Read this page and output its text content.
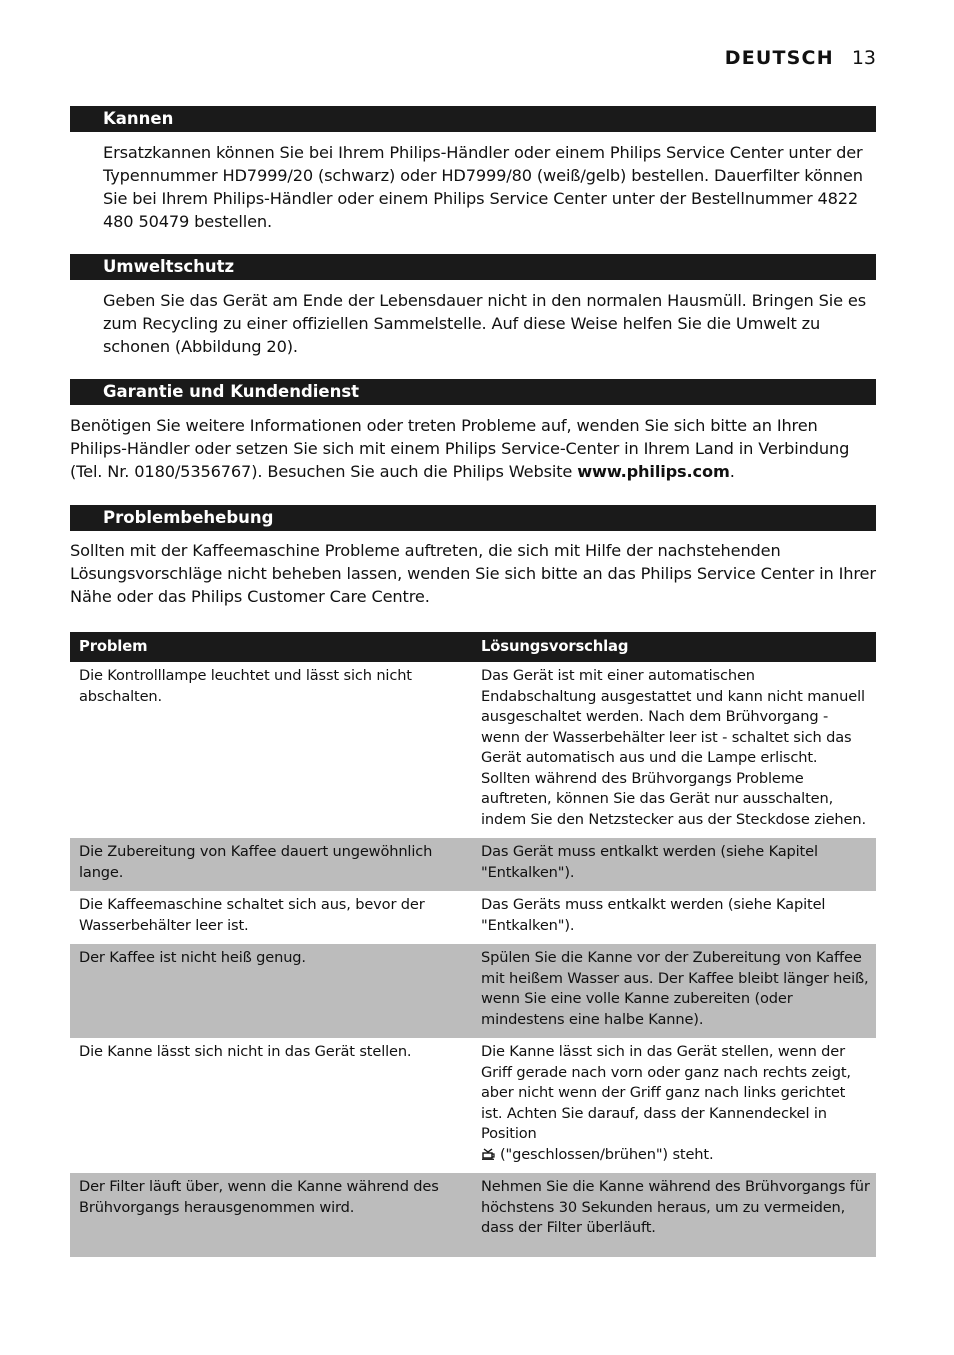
DEUTSCH 13
Kannen

Ersatzkannen können Sie bei Ihrem Philips-Händler oder einem Philips Service Center unter der Typennummer HD7999/20 (schwarz) oder HD7999/80 (weiß/gelb) bestellen. Dauerfilter können Sie bei Ihrem Philips-Händler oder einem Philips Service Center unter der Bestellnummer 4822 480 50479 bestellen.

Umweltschutz

Geben Sie das Gerät am Ende der Lebensdauer nicht in den normalen Hausmüll. Bringen Sie es zum Recycling zu einer offiziellen Sammelstelle. Auf diese Weise helfen Sie die Umwelt zu schonen (Abbildung 20).

Garantie und Kundendienst

Benötigen Sie weitere Informationen oder treten Probleme auf, wenden Sie sich bitte an Ihren Philips-Händler oder setzen Sie sich mit einem Philips Service-Center in Ihrem Land in Verbindung (Tel. Nr. 0180/5356767). Besuchen Sie auch die Philips Website www.philips.com.

Problembehebung

Sollten mit der Kaffeemaschine Probleme auftreten, die sich mit Hilfe der nachstehenden Lösungsvorschläge nicht beheben lassen, wenden Sie sich bitte an das Philips Service Center in Ihrer Nähe oder das Philips Customer Care Centre.

Problem	Lösungsvorschlag
Die Kontrolllampe leuchtet und lässt sich nicht abschalten.	Das Gerät ist mit einer automatischen Endabschaltung ausgestattet und kann nicht manuell ausgeschaltet werden. Nach dem Brühvorgang - wenn der Wasserbehälter leer ist - schaltet sich das Gerät automatisch aus und die Lampe erlischt. Sollten während des Brühvorgangs Probleme auftreten, können Sie das Gerät nur ausschalten, indem Sie den Netzstecker aus der Steckdose ziehen.
Die Zubereitung von Kaffee dauert ungewöhnlich lange.	Das Gerät muss entkalkt werden (siehe Kapitel "Entkalken").
Die Kaffeemaschine schaltet sich aus, bevor der Wasserbehälter leer ist.	Das Geräts muss entkalkt werden (siehe Kapitel "Entkalken").
Der Kaffee ist nicht heiß genug.	Spülen Sie die Kanne vor der Zubereitung von Kaffee mit heißem Wasser aus. Der Kaffee bleibt länger heiß, wenn Sie eine volle Kanne zubereiten (oder mindestens eine halbe Kanne).
Die Kanne lässt sich nicht in das Gerät stellen.	Die Kanne lässt sich in das Gerät stellen, wenn der Griff gerade nach vorn oder ganz nach rechts zeigt, aber nicht wenn der Griff ganz nach links gerichtet ist. Achten Sie darauf, dass der Kannendeckel in Position
("geschlossen/brühen") steht.
Der Filter läuft über, wenn die Kanne während des Brühvorgangs herausgenommen wird.	Nehmen Sie die Kanne während des Brühvorgangs für höchstens 30 Sekunden heraus, um zu vermeiden, dass der Filter überläuft.
